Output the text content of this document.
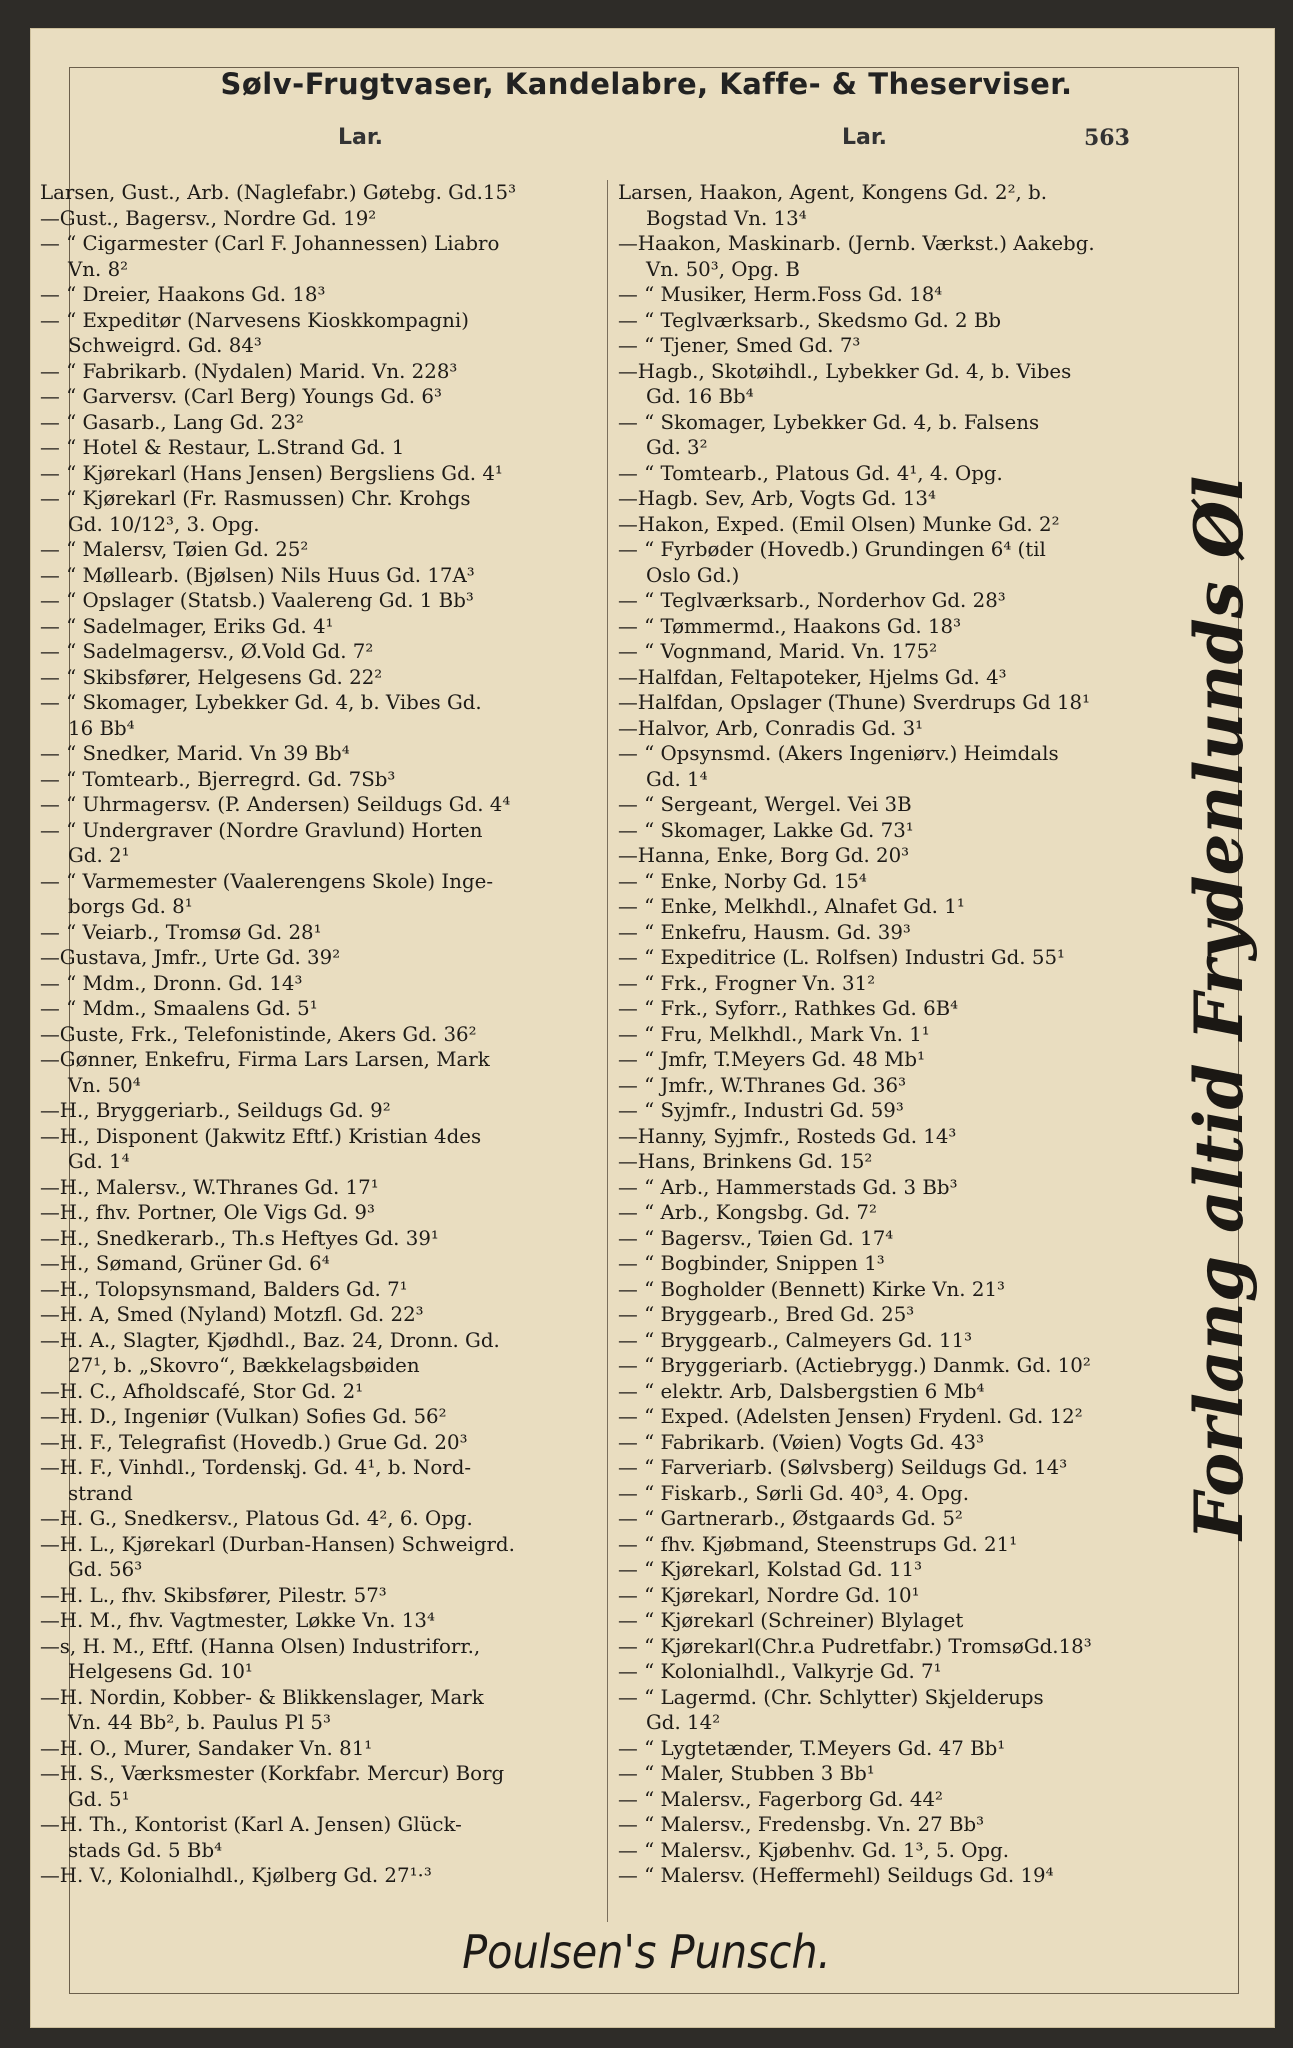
Sølv-Frugtvaser, Kandelabre, Kaffe- & Theserviser.
Lar.	Lar.	563
Larsen, Gust., Arb. (Naglefabr.) Gøtebg. Gd.15³
—Gust., Bagersv., Nordre Gd. 19²
— “ Cigarmester (Carl F. Johannessen) Liabro
Vn. 8²
— “ Dreier, Haakons Gd. 18³
— “ Expeditør (Narvesens Kioskkompagni)
Schweigrd. Gd. 84³
— “ Fabrikarb. (Nydalen) Marid. Vn. 228³
— “ Garversv. (Carl Berg) Youngs Gd. 6³
— “ Gasarb., Lang Gd. 23²
— “ Hotel & Restaur, L.Strand Gd. 1
— “ Kjørekarl (Hans Jensen) Bergsliens Gd. 4¹
— “ Kjørekarl (Fr. Rasmussen) Chr. Krohgs
Gd. 10/12³, 3. Opg.
— “ Malersv, Tøien Gd. 25²
— “ Møllearb. (Bjølsen) Nils Huus Gd. 17A³
— “ Opslager (Statsb.) Vaalereng Gd. 1 Bb³
— “ Sadelmager, Eriks Gd. 4¹
— “ Sadelmagersv., Ø.Vold Gd. 7²
— “ Skibsfører, Helgesens Gd. 22²
— “ Skomager, Lybekker Gd. 4, b. Vibes Gd.
16 Bb⁴
— “ Snedker, Marid. Vn 39 Bb⁴
— “ Tomtearb., Bjerregrd. Gd. 7Sb³
— “ Uhrmagersv. (P. Andersen) Seildugs Gd. 4⁴
— “ Undergraver (Nordre Gravlund) Horten
Gd. 2¹
— “ Varmemester (Vaalerengens Skole) Inge-
borgs Gd. 8¹
— “ Veiarb., Tromsø Gd. 28¹
—Gustava, Jmfr., Urte Gd. 39²
— “ Mdm., Dronn. Gd. 14³
— “ Mdm., Smaalens Gd. 5¹
—Guste, Frk., Telefonistinde, Akers Gd. 36²
—Gønner, Enkefru, Firma Lars Larsen, Mark
Vn. 50⁴
—H., Bryggeriarb., Seildugs Gd. 9²
—H., Disponent (Jakwitz Eftf.) Kristian 4des
Gd. 1⁴
—H., Malersv., W.Thranes Gd. 17¹
—H., fhv. Portner, Ole Vigs Gd. 9³
—H., Snedkerarb., Th.s Heftyes Gd. 39¹
—H., Sømand, Grüner Gd. 6⁴
—H., Tolopsynsmand, Balders Gd. 7¹
—H. A, Smed (Nyland) Motzfl. Gd. 22³
—H. A., Slagter, Kjødhdl., Baz. 24, Dronn. Gd.
27¹, b. „Skovro“, Bækkelagsbøiden
—H. C., Afholdscafé, Stor Gd. 2¹
—H. D., Ingeniør (Vulkan) Sofies Gd. 56²
—H. F., Telegrafist (Hovedb.) Grue Gd. 20³
—H. F., Vinhdl., Tordenskj. Gd. 4¹, b. Nord-
strand
—H. G., Snedkersv., Platous Gd. 4², 6. Opg.
—H. L., Kjørekarl (Durban-Hansen) Schweigrd.
Gd. 56³
—H. L., fhv. Skibsfører, Pilestr. 57³
—H. M., fhv. Vagtmester, Løkke Vn. 13⁴
—s, H. M., Eftf. (Hanna Olsen) Industriforr.,
Helgesens Gd. 10¹
—H. Nordin, Kobber- & Blikkenslager, Mark
Vn. 44 Bb², b. Paulus Pl 5³
—H. O., Murer, Sandaker Vn. 81¹
—H. S., Værksmester (Korkfabr. Mercur) Borg
Gd. 5¹
—H. Th., Kontorist (Karl A. Jensen) Glück-
stads Gd. 5 Bb⁴
—H. V., Kolonialhdl., Kjølberg Gd. 27¹·³
Larsen, Haakon, Agent, Kongens Gd. 2², b.
Bogstad Vn. 13⁴
—Haakon, Maskinarb. (Jernb. Værkst.) Aakebg.
Vn. 50³, Opg. B
— “ Musiker, Herm.Foss Gd. 18⁴
— “ Teglværksarb., Skedsmo Gd. 2 Bb
— “ Tjener, Smed Gd. 7³
—Hagb., Skotøihdl., Lybekker Gd. 4, b. Vibes
Gd. 16 Bb⁴
— “ Skomager, Lybekker Gd. 4, b. Falsens
Gd. 3²
— “ Tomtearb., Platous Gd. 4¹, 4. Opg.
—Hagb. Sev, Arb, Vogts Gd. 13⁴
—Hakon, Exped. (Emil Olsen) Munke Gd. 2²
— “ Fyrbøder (Hovedb.) Grundingen 6⁴ (til
Oslo Gd.)
— “ Teglværksarb., Norderhov Gd. 28³
— “ Tømmermd., Haakons Gd. 18³
— “ Vognmand, Marid. Vn. 175²
—Halfdan, Feltapoteker, Hjelms Gd. 4³
—Halfdan, Opslager (Thune) Sverdrups Gd 18¹
—Halvor, Arb, Conradis Gd. 3¹
— “ Opsynsmd. (Akers Ingeniørv.) Heimdals
Gd. 1⁴
— “ Sergeant, Wergel. Vei 3B
— “ Skomager, Lakke Gd. 73¹
—Hanna, Enke, Borg Gd. 20³
— “ Enke, Norby Gd. 15⁴
— “ Enke, Melkhdl., Alnafet Gd. 1¹
— “ Enkefru, Hausm. Gd. 39³
— “ Expeditrice (L. Rolfsen) Industri Gd. 55¹
— “ Frk., Frogner Vn. 31²
— “ Frk., Syforr., Rathkes Gd. 6B⁴
— “ Fru, Melkhdl., Mark Vn. 1¹
— “ Jmfr, T.Meyers Gd. 48 Mb¹
— “ Jmfr., W.Thranes Gd. 36³
— “ Syjmfr., Industri Gd. 59³
—Hanny, Syjmfr., Rosteds Gd. 14³
—Hans, Brinkens Gd. 15²
— “ Arb., Hammerstads Gd. 3 Bb³
— “ Arb., Kongsbg. Gd. 7²
— “ Bagersv., Tøien Gd. 17⁴
— “ Bogbinder, Snippen 1³
— “ Bogholder (Bennett) Kirke Vn. 21³
— “ Bryggearb., Bred Gd. 25³
— “ Bryggearb., Calmeyers Gd. 11³
— “ Bryggeriarb. (Actiebrygg.) Danmk. Gd. 10²
— “ elektr. Arb, Dalsbergstien 6 Mb⁴
— “ Exped. (Adelsten Jensen) Frydenl. Gd. 12²
— “ Fabrikarb. (Vøien) Vogts Gd. 43³
— “ Farveriarb. (Sølvsberg) Seildugs Gd. 14³
— “ Fiskarb., Sørli Gd. 40³, 4. Opg.
— “ Gartnerarb., Østgaards Gd. 5²
— “ fhv. Kjøbmand, Steenstrups Gd. 21¹
— “ Kjørekarl, Kolstad Gd. 11³
— “ Kjørekarl, Nordre Gd. 10¹
— “ Kjørekarl (Schreiner) Blylaget
— “ Kjørekarl(Chr.a Pudretfabr.) TromsøGd.18³
— “ Kolonialhdl., Valkyrje Gd. 7¹
— “ Lagermd. (Chr. Schlytter) Skjelderups
Gd. 14²
— “ Lygtetænder, T.Meyers Gd. 47 Bb¹
— “ Maler, Stubben 3 Bb¹
— “ Malersv., Fagerborg Gd. 44²
— “ Malersv., Fredensbg. Vn. 27 Bb³
— “ Malersv., Kjøbenhv. Gd. 1³, 5. Opg.
— “ Malersv. (Heffermehl) Seildugs Gd. 19⁴
Forlang altid Frydenlunds Øl
Poulsen's Punsch.
